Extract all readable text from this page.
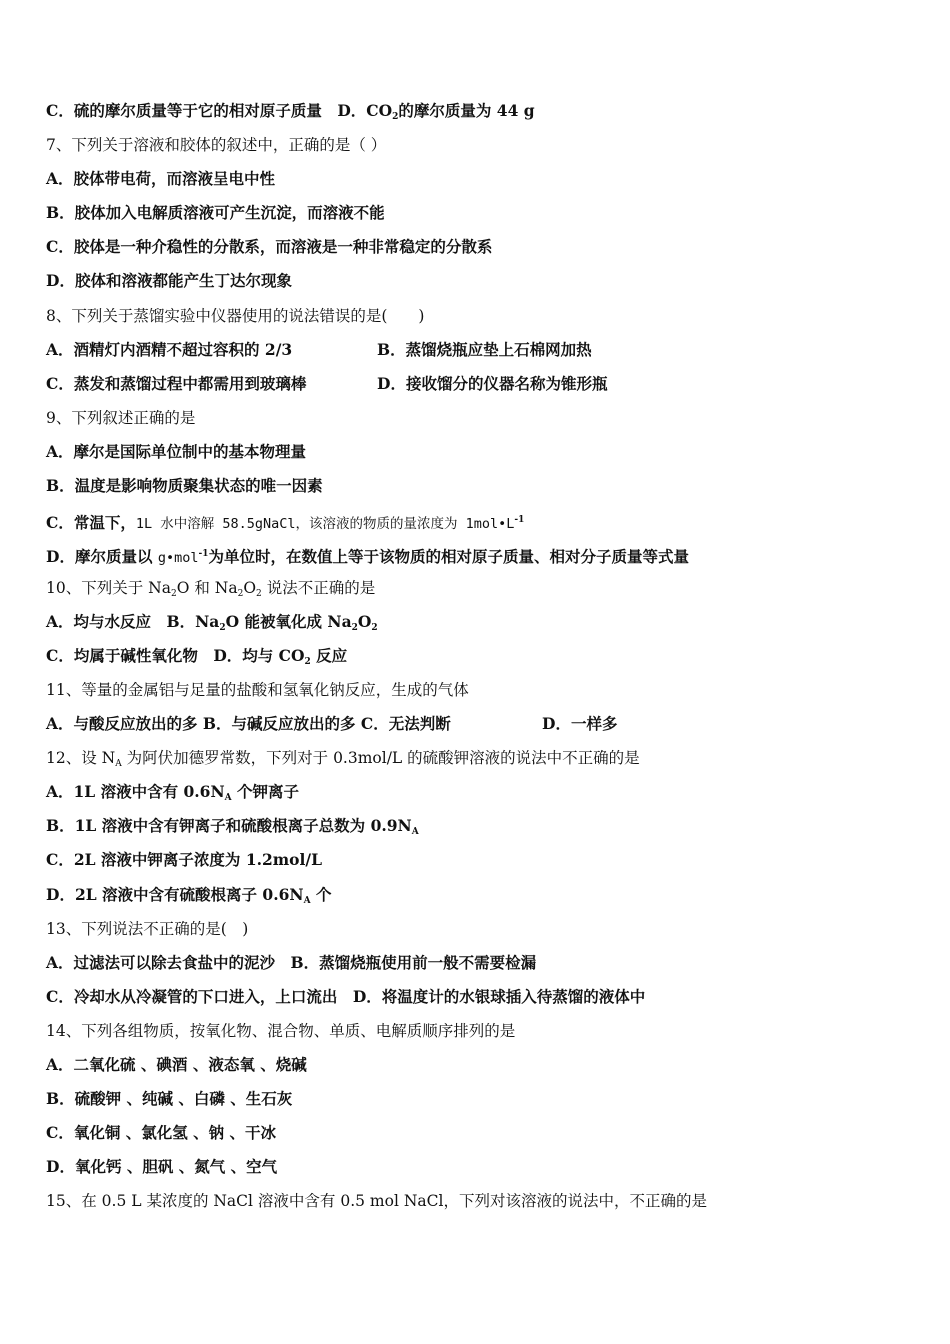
C．硫的摩尔质量等于它的相对原子质量　D．$CO_2$的摩尔质量为 44 g
7、下列关于溶液和胶体的叙述中，正确的是（ ）
A．胶体带电荷，而溶液呈电中性
B．胶体加入电解质溶液可产生沉淀，而溶液不能
C．胶体是一种介稳性的分散系，而溶液是一种非常稳定的分散系
D．胶体和溶液都能产生丁达尔现象
8、下列关于蒸馏实验中仪器使用的说法错误的是(　　)
A．酒精灯内酒精不超过容积的 2/3	B．蒸馏烧瓶应垫上石棉网加热
C．蒸发和蒸馏过程中都需用到玻璃棒	D．接收馏分的仪器名称为锥形瓶
9、下列叙述正确的是
A．摩尔是国际单位制中的基本物理量
B．温度是影响物质聚集状态的唯一因素
C．常温下，1L 水中溶解 58.5gNaCl，该溶液的物质的量浓度为 $1mol•L^{-1}$
D．摩尔质量以 g•mol$^{-1}$为单位时，在数值上等于该物质的相对原子质量、相对分子质量等式量
10、下列关于 $Na_2O$ 和 $Na_2O_2$ 说法不正确的是
A．均与水反应　B．$Na_2O$ 能被氧化成 $Na_2O_2$
C．均属于碱性氧化物　D．均与 $CO_2$ 反应
11、等量的金属铝与足量的盐酸和氢氧化钠反应，生成的气体
A．与酸反应放出的多 B．与碱反应放出的多 C．无法判断	D．一样多
12、设 $N_A$ 为阿伏加德罗常数，下列对于 0.3mol/L 的硫酸钾溶液的说法中不正确的是
A．1L 溶液中含有 $0.6N_A$ 个钾离子
B．1L 溶液中含有钾离子和硫酸根离子总数为 $0.9N_A$
C．2L 溶液中钾离子浓度为 1.2mol/L
D．2L 溶液中含有硫酸根离子 $0.6N_A$ 个
13、下列说法不正确的是(　)
A．过滤法可以除去食盐中的泥沙　B．蒸馏烧瓶使用前一般不需要检漏
C．冷却水从冷凝管的下口进入，上口流出　D．将温度计的水银球插入待蒸馏的液体中
14、下列各组物质，按氧化物、混合物、单质、电解质顺序排列的是
A．二氧化硫 、碘酒 、液态氧 、烧碱
B．硫酸钾 、纯碱 、白磷 、生石灰
C．氧化铜 、氯化氢 、钠 、干冰
D．氧化钙 、胆矾 、氮气 、空气
15、在 0.5 L 某浓度的 NaCl 溶液中含有 0.5 mol NaCl，下列对该溶液的说法中，不正确的是
